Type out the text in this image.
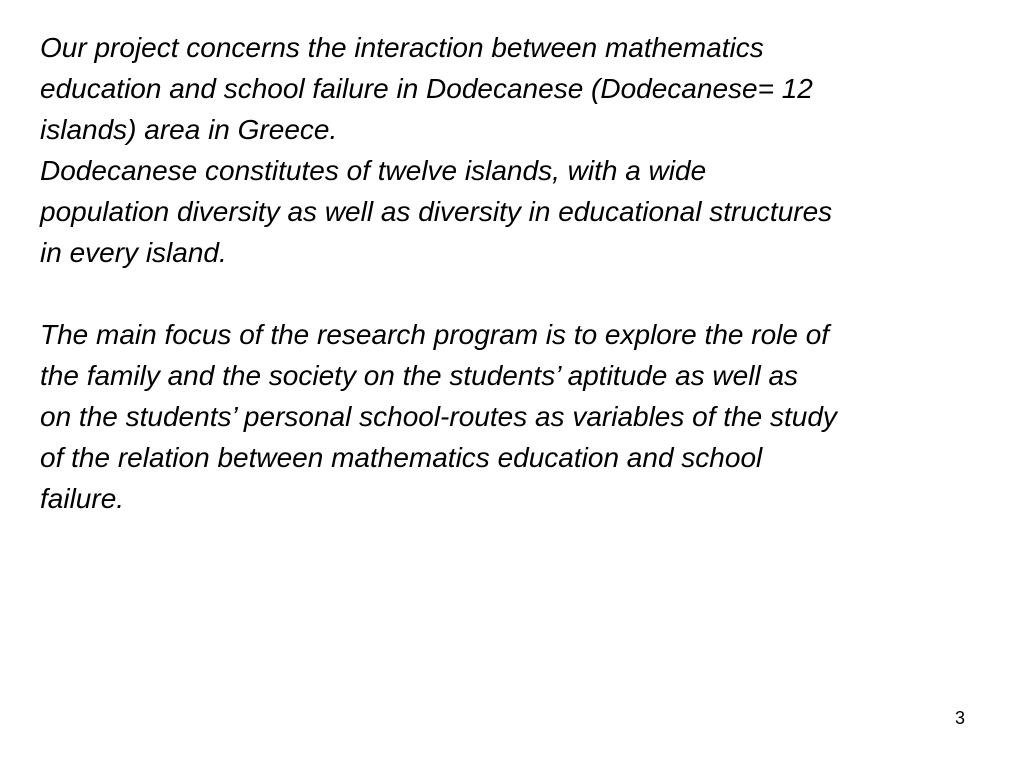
Our project concerns the interaction between mathematics
education and school failure in Dodecanese (Dodecanese= 12
islands) area in Greece.
Dodecanese constitutes of twelve islands, with a wide
population diversity as well as diversity in educational structures
in every island.
The main focus of the research program is to explore the role of
the family and the society on the students’ aptitude as well as
on the students’ personal school-routes as variables of the study
of the relation between mathematics education and school
failure.
3
